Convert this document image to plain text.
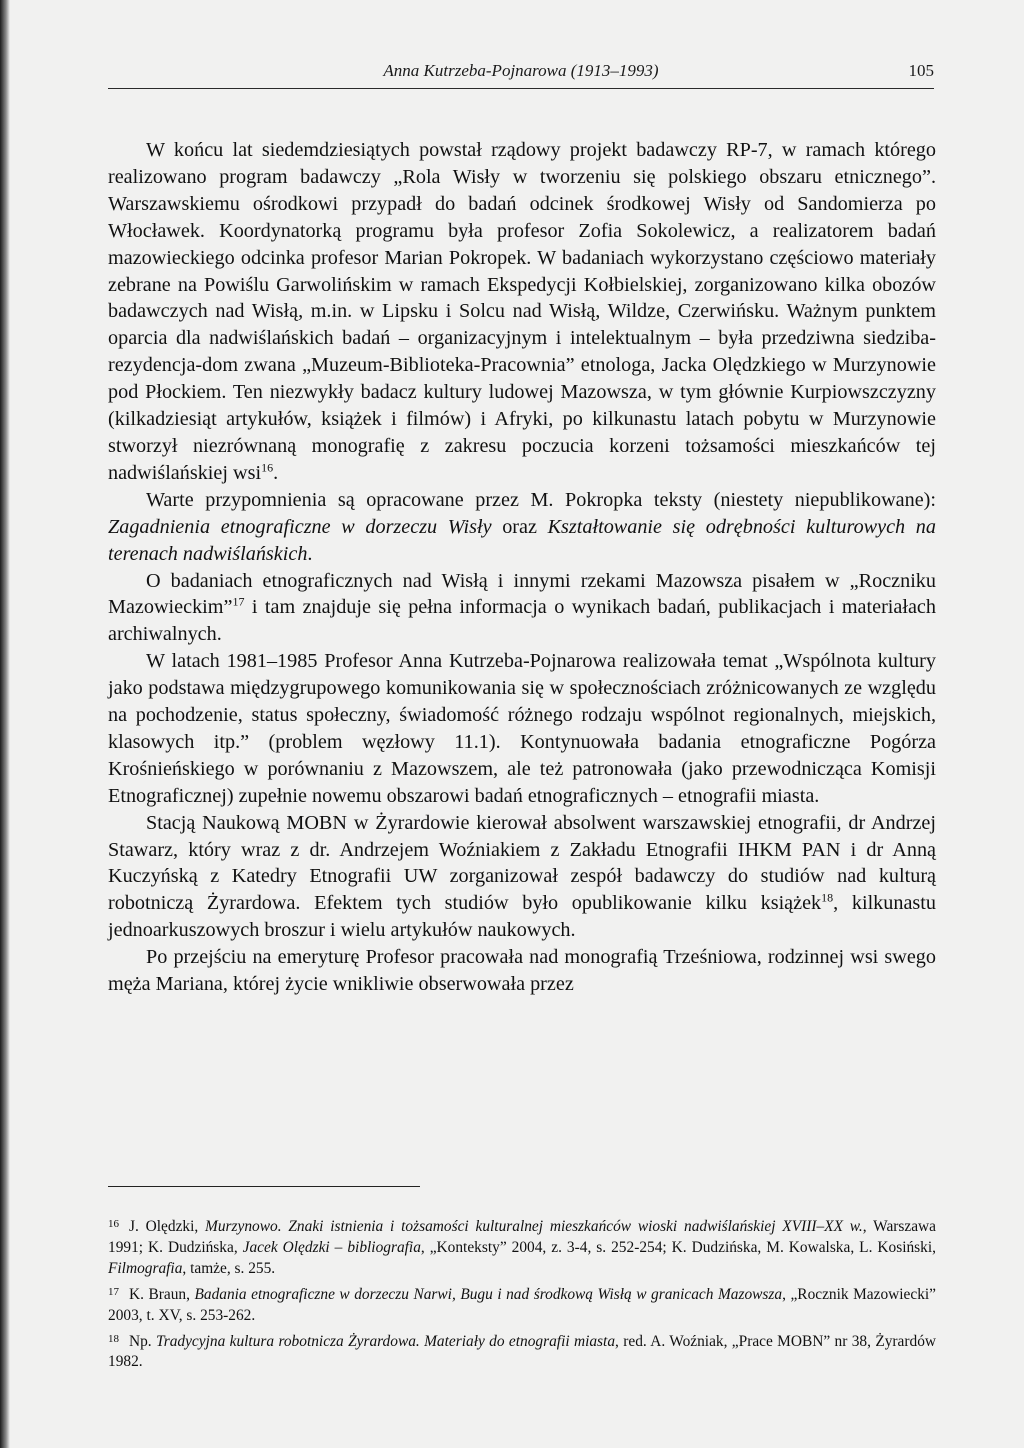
Anna Kutrzeba-Pojnarowa (1913–1993)	105

W końcu lat siedemdziesiątych powstał rządowy projekt badawczy RP-7, w ramach którego realizowano program badawczy „Rola Wisły w tworzeniu się polskiego obszaru etnicznego”. Warszawskiemu ośrodkowi przypadł do badań odcinek środkowej Wisły od Sandomierza po Włocławek. Koordynatorką programu była profesor Zofia Sokolewicz, a realizatorem badań mazowieckiego odcinka profesor Marian Pokropek. W badaniach wykorzystano częściowo materiały zebrane na Powiślu Garwolińskim w ramach Ekspedycji Kołbielskiej, zorganizowano kilka obozów badawczych nad Wisłą, m.in. w Lipsku i Solcu nad Wisłą, Wildze, Czerwińsku. Ważnym punktem oparcia dla nadwiślańskich badań – organizacyjnym i intelektualnym – była przedziwna siedziba-rezydencja-dom zwana „Muzeum-Biblioteka-Pracownia” etnologa, Jacka Olędzkiego w Murzynowie pod Płockiem. Ten niezwykły badacz kultury ludowej Mazowsza, w tym głównie Kurpiowszczyzny (kilkadziesiąt artykułów, książek i filmów) i Afryki, po kilkunastu latach pobytu w Murzynowie stworzył niezrównaną monografię z zakresu poczucia korzeni tożsamości mieszkańców tej nadwiślańskiej wsi$^{16}$.

Warte przypomnienia są opracowane przez M. Pokropka teksty (niestety niepublikowane): Zagadnienia etnograficzne w dorzeczu Wisły oraz Kształtowanie się odrębności kulturowych na terenach nadwiślańskich.

O badaniach etnograficznych nad Wisłą i innymi rzekami Mazowsza pisałem w „Roczniku Mazowieckim”$^{17}$ i tam znajduje się pełna informacja o wynikach badań, publikacjach i materiałach archiwalnych.

W latach 1981–1985 Profesor Anna Kutrzeba-Pojnarowa realizowała temat „Wspólnota kultury jako podstawa międzygrupowego komunikowania się w społecznościach zróżnicowanych ze względu na pochodzenie, status społeczny, świadomość różnego rodzaju wspólnot regionalnych, miejskich, klasowych itp.” (problem węzłowy 11.1). Kontynuowała badania etnograficzne Pogórza Krośnieńskiego w porównaniu z Mazowszem, ale też patronowała (jako przewodnicząca Komisji Etnograficznej) zupełnie nowemu obszarowi badań etnograficznych – etnografii miasta.

Stacją Naukową MOBN w Żyrardowie kierował absolwent warszawskiej etnografii, dr Andrzej Stawarz, który wraz z dr. Andrzejem Woźniakiem z Zakładu Etnografii IHKM PAN i dr Anną Kuczyńską z Katedry Etnografii UW zorganizował zespół badawczy do studiów nad kulturą robotniczą Żyrardowa. Efektem tych studiów było opublikowanie kilku książek$^{18}$, kilkunastu jednoarkuszowych broszur i wielu artykułów naukowych.

Po przejściu na emeryturę Profesor pracowała nad monografią Trześniowa, rodzinnej wsi swego męża Mariana, której życie wnikliwie obserwowała przez

$^{16}$ J. Olędzki, Murzynowo. Znaki istnienia i tożsamości kulturalnej mieszkańców wioski nadwiślańskiej XVIII–XX w., Warszawa 1991; K. Dudzińska, Jacek Olędzki – bibliografia, „Konteksty” 2004, z. 3-4, s. 252-254; K. Dudzińska, M. Kowalska, L. Kosiński, Filmografia, tamże, s. 255.

$^{17}$ K. Braun, Badania etnograficzne w dorzeczu Narwi, Bugu i nad środkową Wisłą w granicach Mazowsza, „Rocznik Mazowiecki” 2003, t. XV, s. 253-262.

$^{18}$ Np. Tradycyjna kultura robotnicza Żyrardowa. Materiały do etnografii miasta, red. A. Woźniak, „Prace MOBN” nr 38, Żyrardów 1982.
